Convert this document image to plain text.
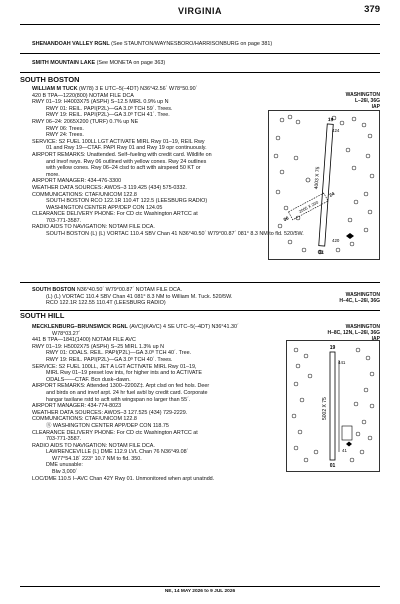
VIRGINIA	379
SHENANDOAH VALLEY RGNL (See STAUNTON/WAYNESBORO/HARRISONBURG on page 381)
SMITH MOUNTAIN LAKE (See MONETA on page 363)
SOUTH BOSTON
WASHINGTON
L–26I, 36G
IAP
WILLIAM M TUCK (W78) 3 E UTC–5(–4DT) N36°42.56´ W78°50.90´
420 B TPA—1220(800) NOTAM FILE DCA
RWY 01–19: H4003X75 (ASPH) S–12.5 MIRL 0.9% up N
RWY 01: REIL. PAPI(P2L)—GA 3.0º TCH 59´. Trees.
RWY 19: REIL. PAPI(P2L)—GA 3.0º TCH 41´. Tree.
RWY 06–24: 2065X200 (TURF) 0.7% up NE
RWY 06: Trees.
RWY 24: Trees.
SERVICE: S2 FUEL 100LL LGT ACTIVATE MIRL Rwy 01–19, REIL Rwy
01 and Rwy 19—CTAF. PAPI Rwy 01 and Rwy 19 opr continuously.
AIRPORT REMARKS: Unattended. Self–fueling with credit card. Wildlife on
and invof rwys. Rwy 06 outlined with yellow cones. Rwy 24 outlines
with yellow cones. Rwy 06–24 clsd to acft with airspeed 50 KT or
more.
AIRPORT MANAGER: 434-476-3300
WEATHER DATA SOURCES: AWOS–3 119.425 (434) 575-0332.
COMMUNICATIONS: CTAF/UNICOM 122.8
SOUTH BOSTON RCO 122.1R 110.4T 122.5 (LEESBURG RADIO)
WASHINGTON CENTER APP/DEP CON 124.05
CLEARANCE DELIVERY PHONE: For CD ctc Washington ARTCC at
703-771-3587.
RADIO AIDS TO NAVIGATION: NOTAM FILE DCA.
SOUTH BOSTON (L) (L) VORTAC 110.4 SBV Chan 41 N36°40.50´ W79°00.87´ 081° 8.3 NM to fld. 520/5W.
4003 X 75
19
01
2065 X 200
24
06
424
420
SOUTH BOSTON N36°40.50´ W79°00.87´ NOTAM FILE DCA.
(L) (L) VORTAC 110.4 SBV Chan 41 081° 8.3 NM to William M. Tuck. 520/5W.
RCO 122.1R 122.55 110.4T (LEESBURG RADIO)
WASHINGTON
H–4C, L–26I, 36G
SOUTH HILL
WASHINGTON
H–8C, 12N, L–26I, 36G
IAP
MECKLENBURG–BRUNSWICK RGNL (AVC)(KAVC) 4 SE UTC–5(–4DT) N36°41.30´
W78°03.27´
441 B TPA—1841(1400) NOTAM FILE AVC
RWY 01–19: H5002X75 (ASPH) S–25 MIRL 1.3% up N
RWY 01: ODALS. REIL. PAPI(P2L)—GA 3.0º TCH 40´. Tree.
RWY 19: REIL. PAPI(P2L)—GA 3.0º TCH 40´. Trees.
SERVICE: S2 FUEL 100LL, JET A LGT ACTIVATE MIRL Rwy 01–19,
MIRL Rwy 01–19 preset low ints, for higher ints and to ACTIVATE
ODALS——CTAF. Bcn dusk–dawn.
AIRPORT REMARKS: Attended 1300–2200Z‡. Arpt clsd on fed hols. Deer
and birds on and invof arpt. 24 hr fuel avbl by credit card. Corporate
hangar taxilane rstd to acft with wingspan no larger than 55´.
AIRPORT MANAGER: 434-774-8023
WEATHER DATA SOURCES: AWOS–3 127.525 (434) 729-2229.
COMMUNICATIONS: CTAF/UNICOM 122.8
Ⓡ WASHINGTON CENTER APP/DEP CON 118.75
CLEARANCE DELIVERY PHONE: For CD ctc Washington ARTCC at
703-771-3587.
RADIO AIDS TO NAVIGATION: NOTAM FILE DCA.
LAWRENCEVILLE (L) DME 112.9 LVL Chan 76 N36°49.08´
W77°54.18´ 223° 10.7 NM to fld. 350.
DME unusable:
Blw 3,000´
LOC/DME 110.5 I–AVC Chan 42Y Rwy 01. Unmonitored when arpt unatndd.
5002 X 75
19
01
441
41
NE, 14 MAY 2026 to 9 JUL 2026
